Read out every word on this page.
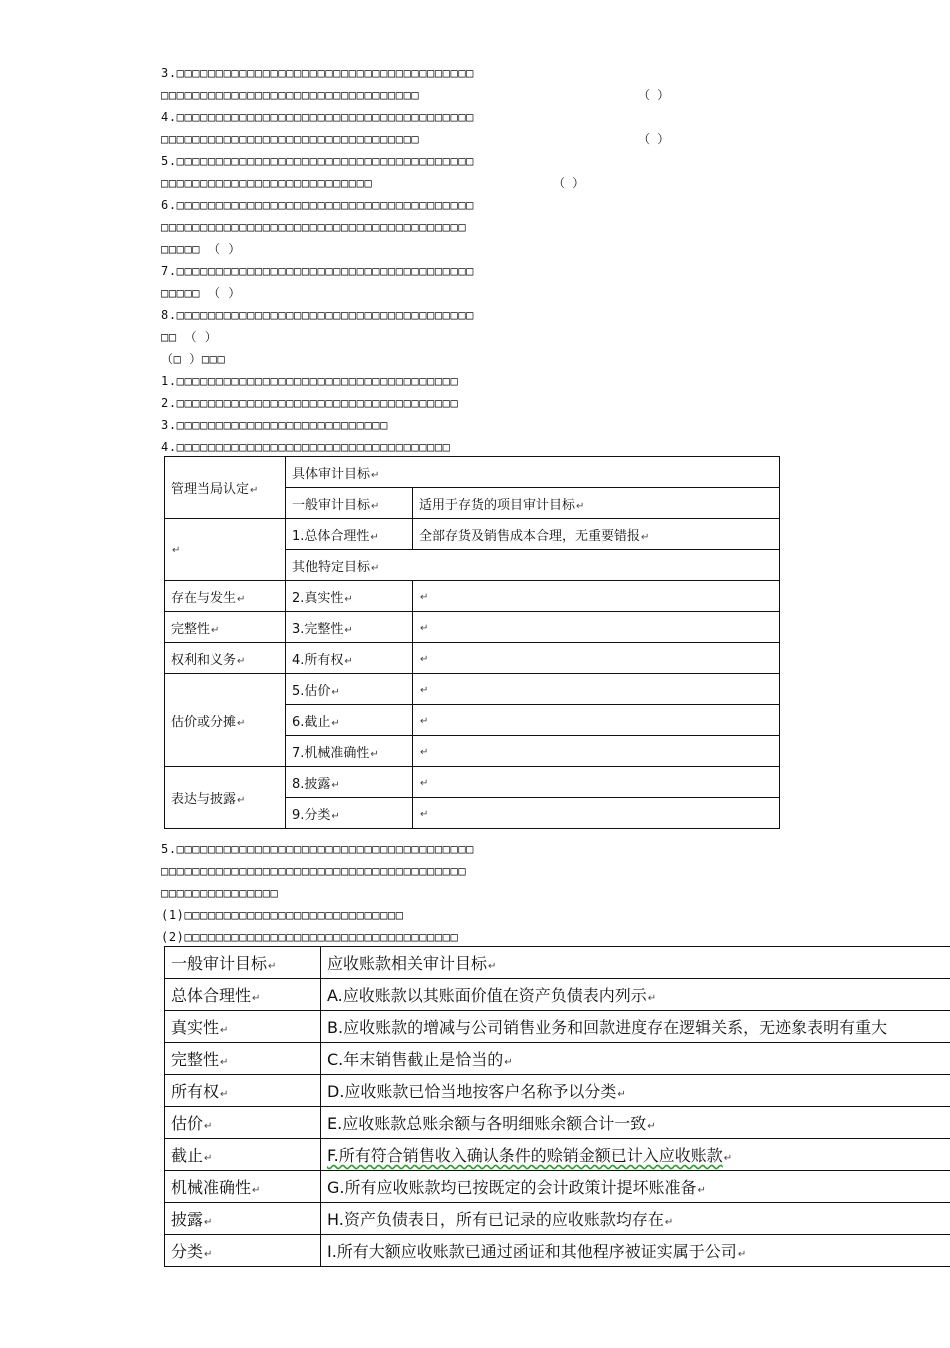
3.□□□□□□□□□□□□□□□□□□□□□□□□□□□□□□□□□□□□□□
□□□□□□□□□□□□□□□□□□□□□□□□□□□□□□□□□	（ ）
4.□□□□□□□□□□□□□□□□□□□□□□□□□□□□□□□□□□□□□□
□□□□□□□□□□□□□□□□□□□□□□□□□□□□□□□□□	（ ）
5.□□□□□□□□□□□□□□□□□□□□□□□□□□□□□□□□□□□□□□
□□□□□□□□□□□□□□□□□□□□□□□□□□□	（ ）
6.□□□□□□□□□□□□□□□□□□□□□□□□□□□□□□□□□□□□□□
□□□□□□□□□□□□□□□□□□□□□□□□□□□□□□□□□□□□□□□
□□□□□ （ ）
7.□□□□□□□□□□□□□□□□□□□□□□□□□□□□□□□□□□□□□□
□□□□□ （ ）
8.□□□□□□□□□□□□□□□□□□□□□□□□□□□□□□□□□□□□□□
□□ （ ）
（□ ）□□□
1.□□□□□□□□□□□□□□□□□□□□□□□□□□□□□□□□□□□□
2.□□□□□□□□□□□□□□□□□□□□□□□□□□□□□□□□□□□□
3.□□□□□□□□□□□□□□□□□□□□□□□□□□□
4.□□□□□□□□□□□□□□□□□□□□□□□□□□□□□□□□□□□
管理当局认定↵	具体审计目标↵	
	一般审计目标↵	适用于存货的项目审计目标↵
↵	1.总体合理性↵	全部存货及销售成本合理，无重要错报↵
	其他特定目标↵	
存在与发生↵	2.真实性↵	↵
完整性↵	3.完整性↵	↵
权利和义务↵	4.所有权↵	↵
估价或分摊↵	5.估价↵	↵
	6.截止↵	↵
	7.机械准确性↵	↵
表达与披露↵	8.披露↵	↵
	9.分类↵	↵
5.□□□□□□□□□□□□□□□□□□□□□□□□□□□□□□□□□□□□□□
□□□□□□□□□□□□□□□□□□□□□□□□□□□□□□□□□□□□□□□
□□□□□□□□□□□□□□□
(1)□□□□□□□□□□□□□□□□□□□□□□□□□□□□
(2)□□□□□□□□□□□□□□□□□□□□□□□□□□□□□□□□□□□
一般审计目标↵	应收账款相关审计目标↵
总体合理性↵	A.应收账款以其账面价值在资产负债表内列示↵
真实性↵	B.应收账款的增减与公司销售业务和回款进度存在逻辑关系，无迹象表明有重大
完整性↵	C.年末销售截止是恰当的↵
所有权↵	D.应收账款已恰当地按客户名称予以分类↵
估价↵	E.应收账款总账余额与各明细账余额合计一致↵
截止↵	F.所有符合销售收入确认条件的赊销金额已计入应收账款↵
机械准确性↵	G.所有应收账款均已按既定的会计政策计提坏账准备↵
披露↵	H.资产负债表日，所有已记录的应收账款均存在↵
分类↵	I.所有大额应收账款已通过函证和其他程序被证实属于公司↵
